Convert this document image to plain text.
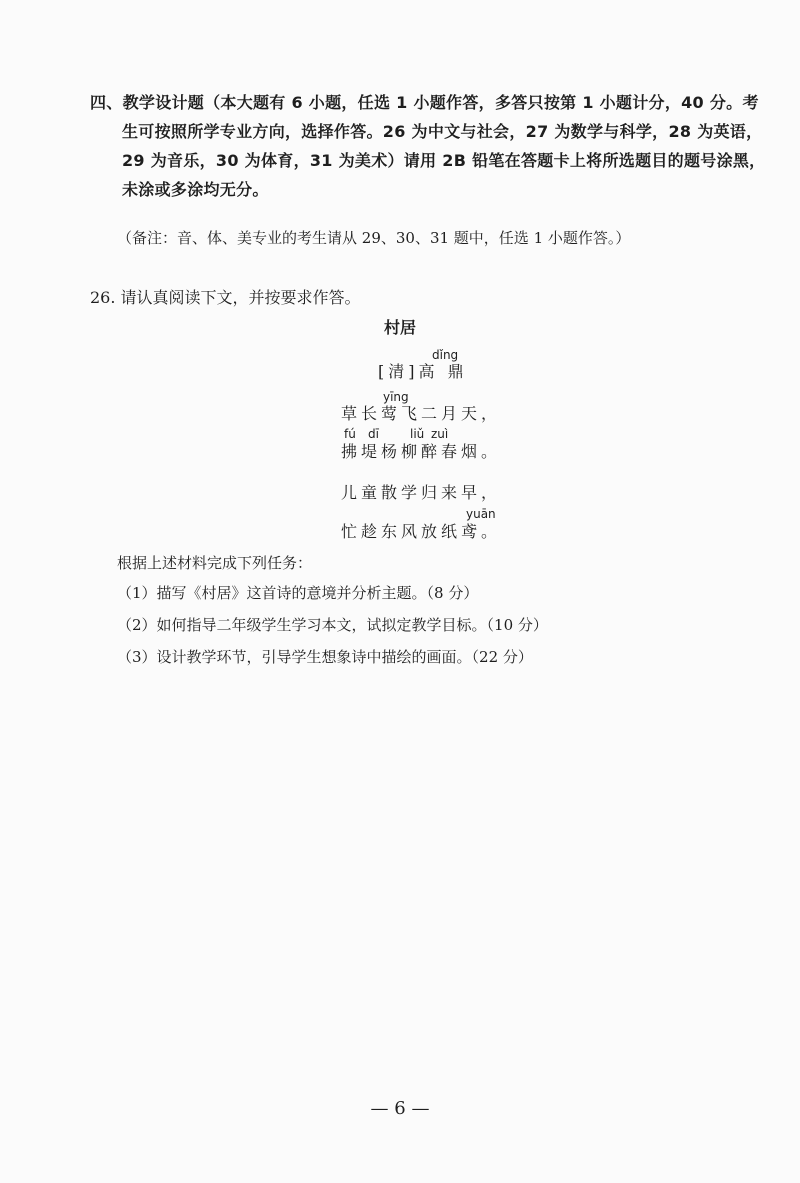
四、教学设计题（本大题有 6 小题，任选 1 小题作答，多答只按第 1 小题计分，40 分。考
生可按照所学专业方向，选择作答。26 为中文与社会，27 为数学与科学，28 为英语，
29 为音乐，30 为体育，31 为美术）请用 2B 铅笔在答题卡上将所选题目的题号涂黑，
未涂或多涂均无分。
（备注：音、体、美专业的考生请从 29、30、31 题中，任选 1 小题作答。）
26. 请认真阅读下文，并按要求作答。
村居
dǐng
[清]高 鼎
yīng
草长莺飞二月天，
fú dī	liǔ zuì
拂堤杨柳醉春烟。
儿童散学归来早，
yuān
忙趁东风放纸鸢。
根据上述材料完成下列任务：
（1）描写《村居》这首诗的意境并分析主题。（8 分）
（2）如何指导二年级学生学习本文，试拟定教学目标。（10 分）
（3）设计教学环节，引导学生想象诗中描绘的画面。（22 分）
— 6 —
